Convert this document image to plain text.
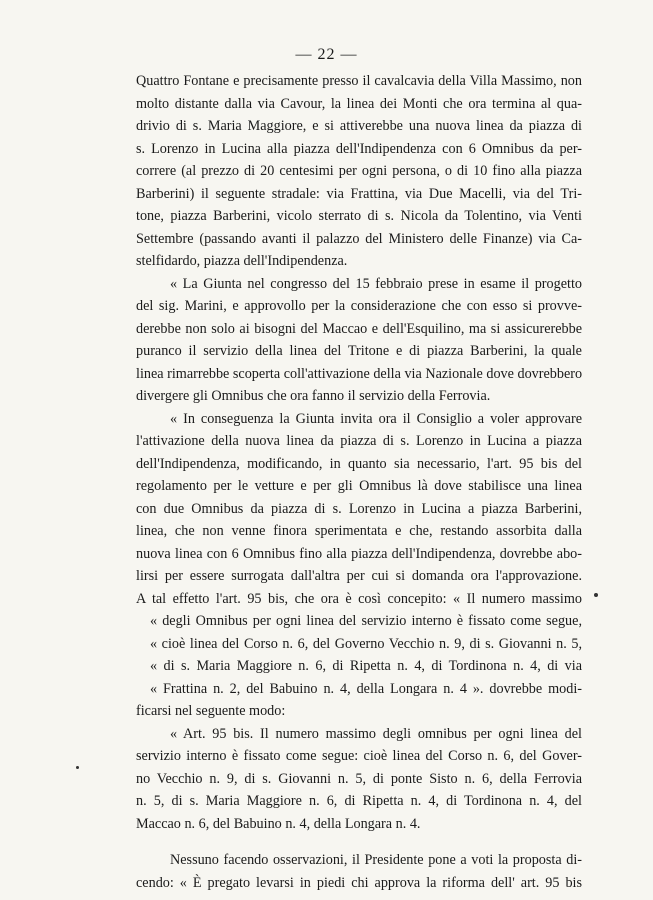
— 22 —
Quattro Fontane e precisamente presso il cavalcavia della Villa Massimo, non
molto distante dalla via Cavour, la linea dei Monti che ora termina al qua-
drivio di s. Maria Maggiore, e si attiverebbe una nuova linea da piazza di
s. Lorenzo in Lucina alla piazza dell'Indipendenza con 6 Omnibus da per-
correre (al prezzo di 20 centesimi per ogni persona, o di 10 fino alla piazza
Barberini) il seguente stradale: via Frattina, via Due Macelli, via del Tri-
tone, piazza Barberini, vicolo sterrato di s. Nicola da Tolentino, via Venti
Settembre (passando avanti il palazzo del Ministero delle Finanze) via Ca-
stelfidardo, piazza dell'Indipendenza.
« La Giunta nel congresso del 15 febbraio prese in esame il progetto
del sig. Marini, e approvollo per la considerazione che con esso si provve-
derebbe non solo ai bisogni del Maccao e dell'Esquilino, ma si assicurerebbe
puranco il servizio della linea del Tritone e di piazza Barberini, la quale
linea rimarrebbe scoperta coll'attivazione della via Nazionale dove dovrebbero
divergere gli Omnibus che ora fanno il servizio della Ferrovia.
« In conseguenza la Giunta invita ora il Consiglio a voler approvare
l'attivazione della nuova linea da piazza di s. Lorenzo in Lucina a piazza
dell'Indipendenza, modificando, in quanto sia necessario, l'art. 95 bis del
regolamento per le vetture e per gli Omnibus là dove stabilisce una linea
con due Omnibus da piazza di s. Lorenzo in Lucina a piazza Barberini,
linea, che non venne finora sperimentata e che, restando assorbita dalla
nuova linea con 6 Omnibus fino alla piazza dell'Indipendenza, dovrebbe abo-
lirsi per essere surrogata dall'altra per cui si domanda ora l'approvazione.
A tal effetto l'art. 95 bis, che ora è così concepito: « Il numero massimo
« degli Omnibus per ogni linea del servizio interno è fissato come segue,
« cioè linea del Corso n. 6, del Governo Vecchio n. 9, di s. Giovanni n. 5,
« di s. Maria Maggiore n. 6, di Ripetta n. 4, di Tordinona n. 4, di via
« Frattina n. 2, del Babuino n. 4, della Longara n. 4 ». dovrebbe modi-
ficarsi nel seguente modo:
« Art. 95 bis. Il numero massimo degli omnibus per ogni linea del
servizio interno è fissato come segue: cioè linea del Corso n. 6, del Gover-
no Vecchio n. 9, di s. Giovanni n. 5, di ponte Sisto n. 6, della Ferrovia
n. 5, di s. Maria Maggiore n. 6, di Ripetta n. 4, di Tordinona n. 4, del
Maccao n. 6, del Babuino n. 4, della Longara n. 4.
Nessuno facendo osservazioni, il Presidente pone a voti la proposta di-
cendo: « È pregato levarsi in piedi chi approva la riforma dell' art. 95 bis
